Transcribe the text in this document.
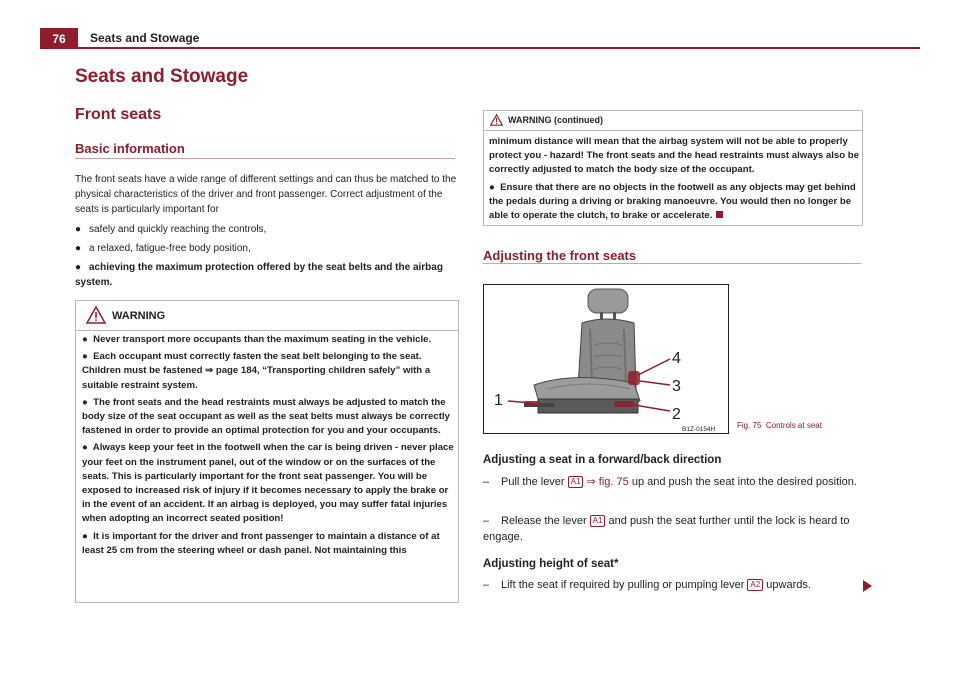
76	Seats and Stowage
Seats and Stowage
Front seats
Basic information
The front seats have a wide range of different settings and can thus be matched to the physical characteristics of the driver and front passenger. Correct adjustment of the seats is particularly important for
● safely and quickly reaching the controls,
● a relaxed, fatigue-free body position,
● achieving the maximum protection offered by the seat belts and the airbag system.
WARNING

● Never transport more occupants than the maximum seating in the vehicle.

● Each occupant must correctly fasten the seat belt belonging to the seat. Children must be fastened ⇒ page 184, “Transporting children safely” with a suitable restraint system.

● The front seats and the head restraints must always be adjusted to match the body size of the seat occupant as well as the seat belts must always be correctly fastened in order to provide an optimal protection for you and your occupants.

● Always keep your feet in the footwell when the car is being driven - never place your feet on the instrument panel, out of the window or on the surfaces of the seats. This is particularly important for the front seat passenger. You will be exposed to increased risk of injury if it becomes necessary to apply the brake or in the event of an accident. If an airbag is deployed, you may suffer fatal injuries when adopting an incorrect seated position!

● It is important for the driver and front passenger to maintain a distance of at least 25 cm from the steering wheel or dash panel. Not maintaining this

WARNING (continued)

minimum distance will mean that the airbag system will not be able to properly protect you - hazard! The front seats and the head restraints must always also be correctly adjusted to match the body size of the occupant.

● Ensure that there are no objects in the footwell as any objects may get behind the pedals during a driving or braking manoeuvre. You would then no longer be able to operate the clutch, to brake or accelerate.

Adjusting the front seats
1
2
3
4
B1Z-0154H	Fig. 75 Controls at seat
Adjusting a seat in a forward/back direction
– Pull the lever A1 ⇒ fig. 75 up and push the seat into the desired position.
– Release the lever A1 and push the seat further until the lock is heard to engage.
Adjusting height of seat*
– Lift the seat if required by pulling or pumping lever A2 upwards.
